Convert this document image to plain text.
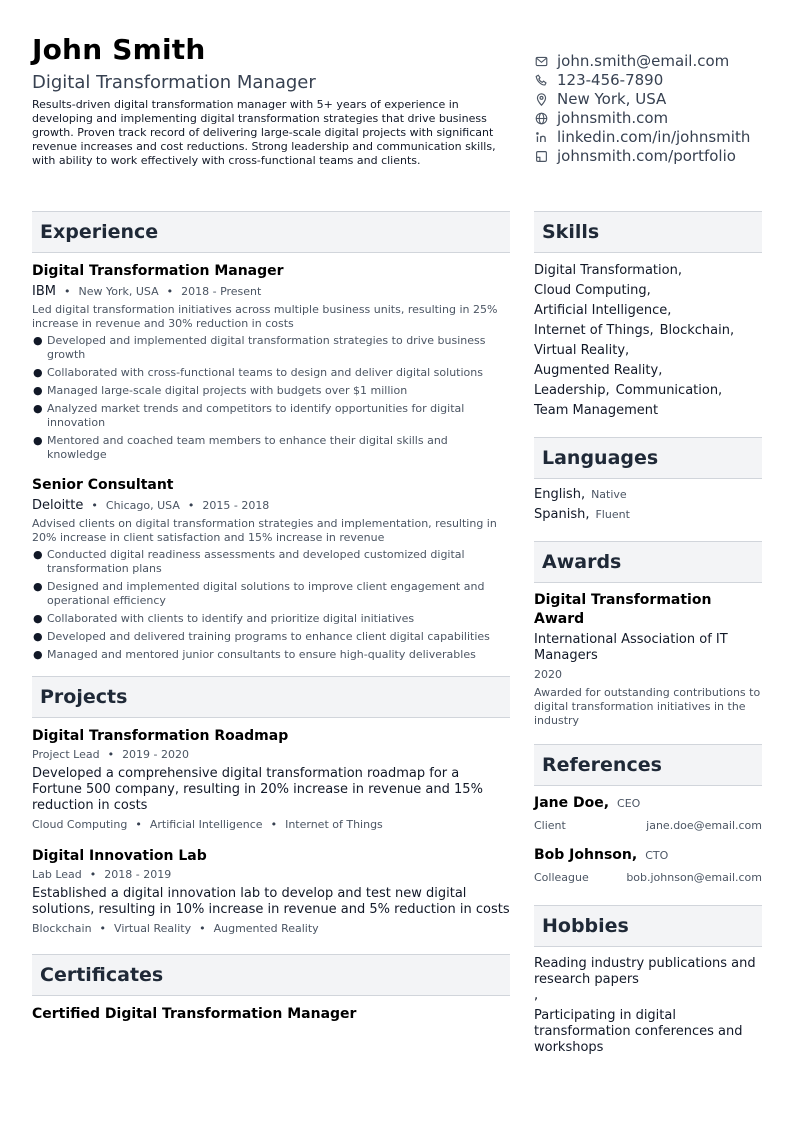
John Smith
Digital Transformation Manager
Results-driven digital transformation manager with 5+ years of experience in developing and implementing digital transformation strategies that drive business growth. Proven track record of delivering large-scale digital projects with significant revenue increases and cost reductions. Strong leadership and communication skills, with ability to work effectively with cross-functional teams and clients.
john.smith@email.com
123-456-7890
New York, USA
johnsmith.com
linkedin.com/in/johnsmith
johnsmith.com/portfolio
Experience
Digital Transformation Manager
IBM • New York, USA • 2018 - Present
Led digital transformation initiatives across multiple business units, resulting in 25% increase in revenue and 30% reduction in costs
● Developed and implemented digital transformation strategies to drive business growth
● Collaborated with cross-functional teams to design and deliver digital solutions
● Managed large-scale digital projects with budgets over $1 million
● Analyzed market trends and competitors to identify opportunities for digital innovation
● Mentored and coached team members to enhance their digital skills and knowledge
Senior Consultant
Deloitte • Chicago, USA • 2015 - 2018
Advised clients on digital transformation strategies and implementation, resulting in 20% increase in client satisfaction and 15% increase in revenue
● Conducted digital readiness assessments and developed customized digital transformation plans
● Designed and implemented digital solutions to improve client engagement and operational efficiency
● Collaborated with clients to identify and prioritize digital initiatives
● Developed and delivered training programs to enhance client digital capabilities
● Managed and mentored junior consultants to ensure high-quality deliverables
Projects
Digital Transformation Roadmap
Project Lead • 2019 - 2020
Developed a comprehensive digital transformation roadmap for a Fortune 500 company, resulting in 20% increase in revenue and 15% reduction in costs
Cloud Computing • Artificial Intelligence • Internet of Things
Digital Innovation Lab
Lab Lead • 2018 - 2019
Established a digital innovation lab to develop and test new digital solutions, resulting in 10% increase in revenue and 5% reduction in costs
Blockchain • Virtual Reality • Augmented Reality
Certificates
Certified Digital Transformation Manager
Skills
Digital Transformation,
Cloud Computing,
Artificial Intelligence,
Internet of Things, Blockchain,
Virtual Reality,
Augmented Reality,
Leadership, Communication,
Team Management
Languages
English, Native
Spanish, Fluent
Awards
Digital Transformation Award
International Association of IT Managers
2020
Awarded for outstanding contributions to digital transformation initiatives in the industry
References
Jane Doe, CEO
Client	jane.doe@email.com
Bob Johnson, CTO
Colleague	bob.johnson@email.com
Hobbies
Reading industry publications and research papers
,
Participating in digital transformation conferences and workshops
